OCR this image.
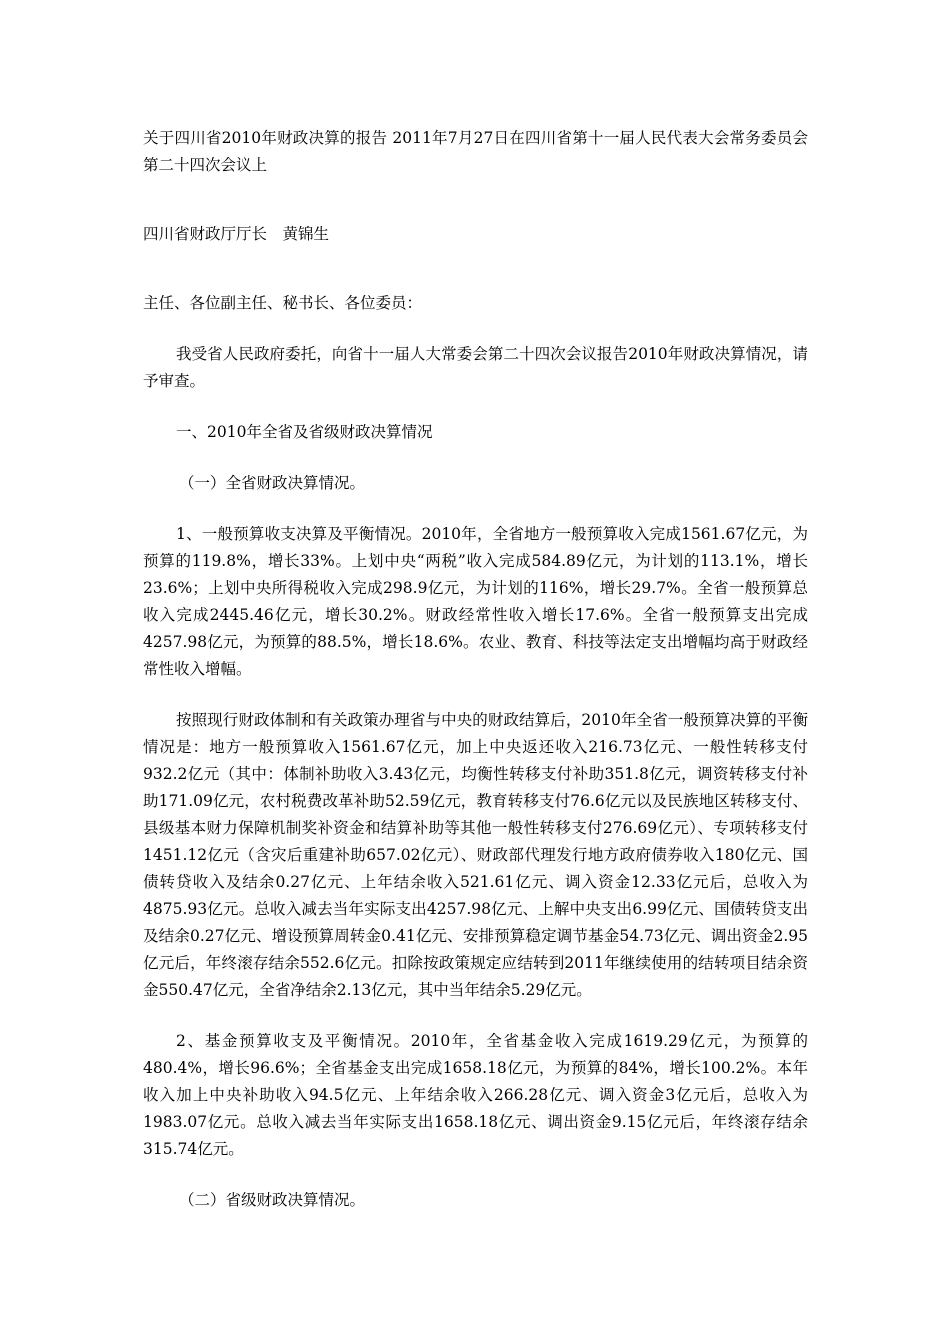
关于四川省2010年财政决算的报告 2011年7月27日在四川省第十一届人民代表大会常务委员会第二十四次会议上

四川省财政厅厅长　黄锦生

主任、各位副主任、秘书长、各位委员：

我受省人民政府委托，向省十一届人大常委会第二十四次会议报告2010年财政决算情况，请予审查。

一、2010年全省及省级财政决算情况

（一）全省财政决算情况。

1、一般预算收支决算及平衡情况。2010年，全省地方一般预算收入完成1561.67亿元，为预算的119.8%，增长33%。上划中央“两税”收入完成584.89亿元，为计划的113.1%，增长23.6%；上划中央所得税收入完成298.9亿元，为计划的116%，增长29.7%。全省一般预算总收入完成2445.46亿元，增长30.2%。财政经常性收入增长17.6%。全省一般预算支出完成4257.98亿元，为预算的88.5%，增长18.6%。农业、教育、科技等法定支出增幅均高于财政经常性收入增幅。

按照现行财政体制和有关政策办理省与中央的财政结算后，2010年全省一般预算决算的平衡情况是：地方一般预算收入1561.67亿元，加上中央返还收入216.73亿元、一般性转移支付932.2亿元（其中：体制补助收入3.43亿元，均衡性转移支付补助351.8亿元，调资转移支付补助171.09亿元，农村税费改革补助52.59亿元，教育转移支付76.6亿元以及民族地区转移支付、县级基本财力保障机制奖补资金和结算补助等其他一般性转移支付276.69亿元）、专项转移支付1451.12亿元（含灾后重建补助657.02亿元）、财政部代理发行地方政府债券收入180亿元、国债转贷收入及结余0.27亿元、上年结余收入521.61亿元、调入资金12.33亿元后，总收入为4875.93亿元。总收入减去当年实际支出4257.98亿元、上解中央支出6.99亿元、国债转贷支出及结余0.27亿元、增设预算周转金0.41亿元、安排预算稳定调节基金54.73亿元、调出资金2.95亿元后，年终滚存结余552.6亿元。扣除按政策规定应结转到2011年继续使用的结转项目结余资金550.47亿元，全省净结余2.13亿元，其中当年结余5.29亿元。

2、基金预算收支及平衡情况。2010年，全省基金收入完成1619.29亿元，为预算的480.4%，增长96.6%；全省基金支出完成1658.18亿元，为预算的84%，增长100.2%。本年收入加上中央补助收入94.5亿元、上年结余收入266.28亿元、调入资金3亿元后，总收入为1983.07亿元。总收入减去当年实际支出1658.18亿元、调出资金9.15亿元后，年终滚存结余315.74亿元。

（二）省级财政决算情况。
